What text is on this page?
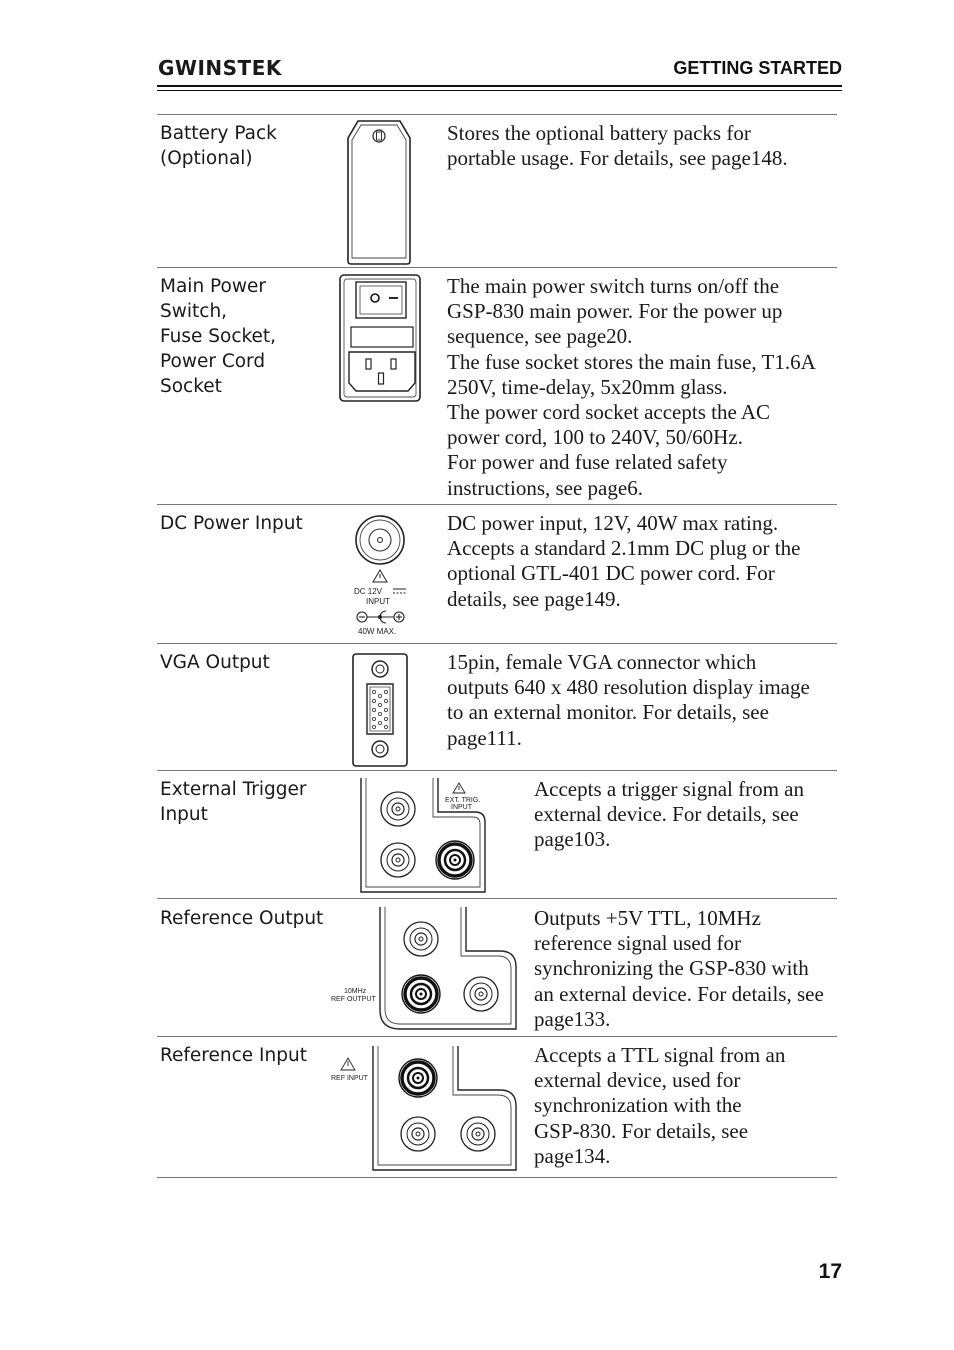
GWINSTEK	GETTING STARTED
Battery Pack
(Optional)
Stores the optional battery packs for
portable usage. For details, see page148.
Main Power
Switch,
Fuse Socket,
Power Cord
Socket
The main power switch turns on/off the
GSP-830 main power. For the power up
sequence, see page20.
The fuse socket stores the main fuse, T1.6A
250V, time-delay, 5x20mm glass.
The power cord socket accepts the AC
power cord, 100 to 240V, 50/60Hz.
For power and fuse related safety
instructions, see page6.
DC Power Input
DC 12V
INPUT
40W MAX.
DC power input, 12V, 40W max rating.
Accepts a standard 2.1mm DC plug or the
optional GTL-401 DC power cord. For
details, see page149.
VGA Output	15pin, female VGA connector which
outputs 640 x 480 resolution display image
to an external monitor. For details, see
page111.
External Trigger
Input
EXT. TRIG.
INPUT
Accepts a trigger signal from an
external device. For details, see
page103.
Reference Output
10MHz
REF OUTPUT
Outputs +5V TTL, 10MHz
reference signal used for
synchronizing the GSP-830 with
an external device. For details, see
page133.
Reference Input
REF INPUT
Accepts a TTL signal from an
external device, used for
synchronization with the
GSP-830. For details, see
page134.
17
